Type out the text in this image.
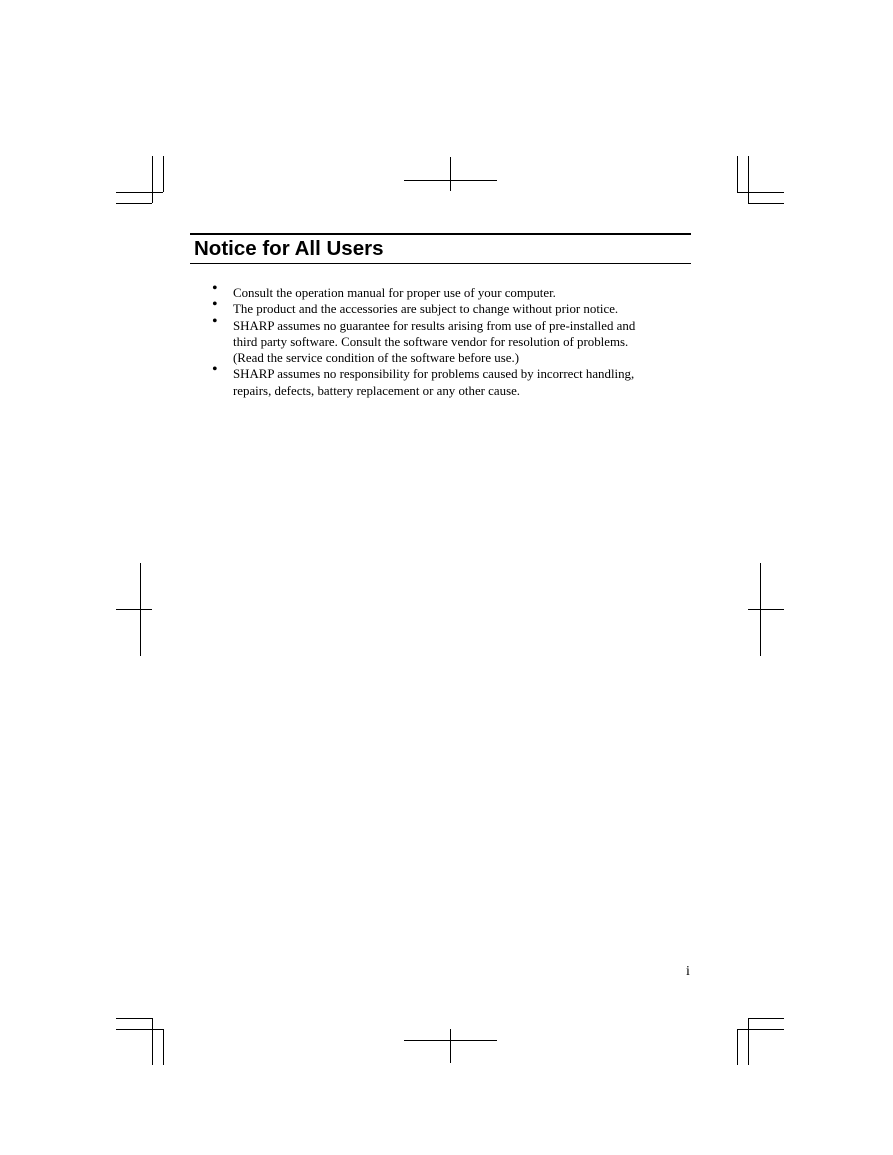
Notice for All Users
• Consult the operation manual for proper use of your computer.
• The product and the accessories are subject to change without prior notice.
• SHARP assumes no guarantee for results arising from use of pre-installed and
third party software. Consult the software vendor for resolution of problems.
(Read the service condition of the software before use.)
• SHARP assumes no responsibility for problems caused by incorrect handling,
repairs, defects, battery replacement or any other cause.
i
